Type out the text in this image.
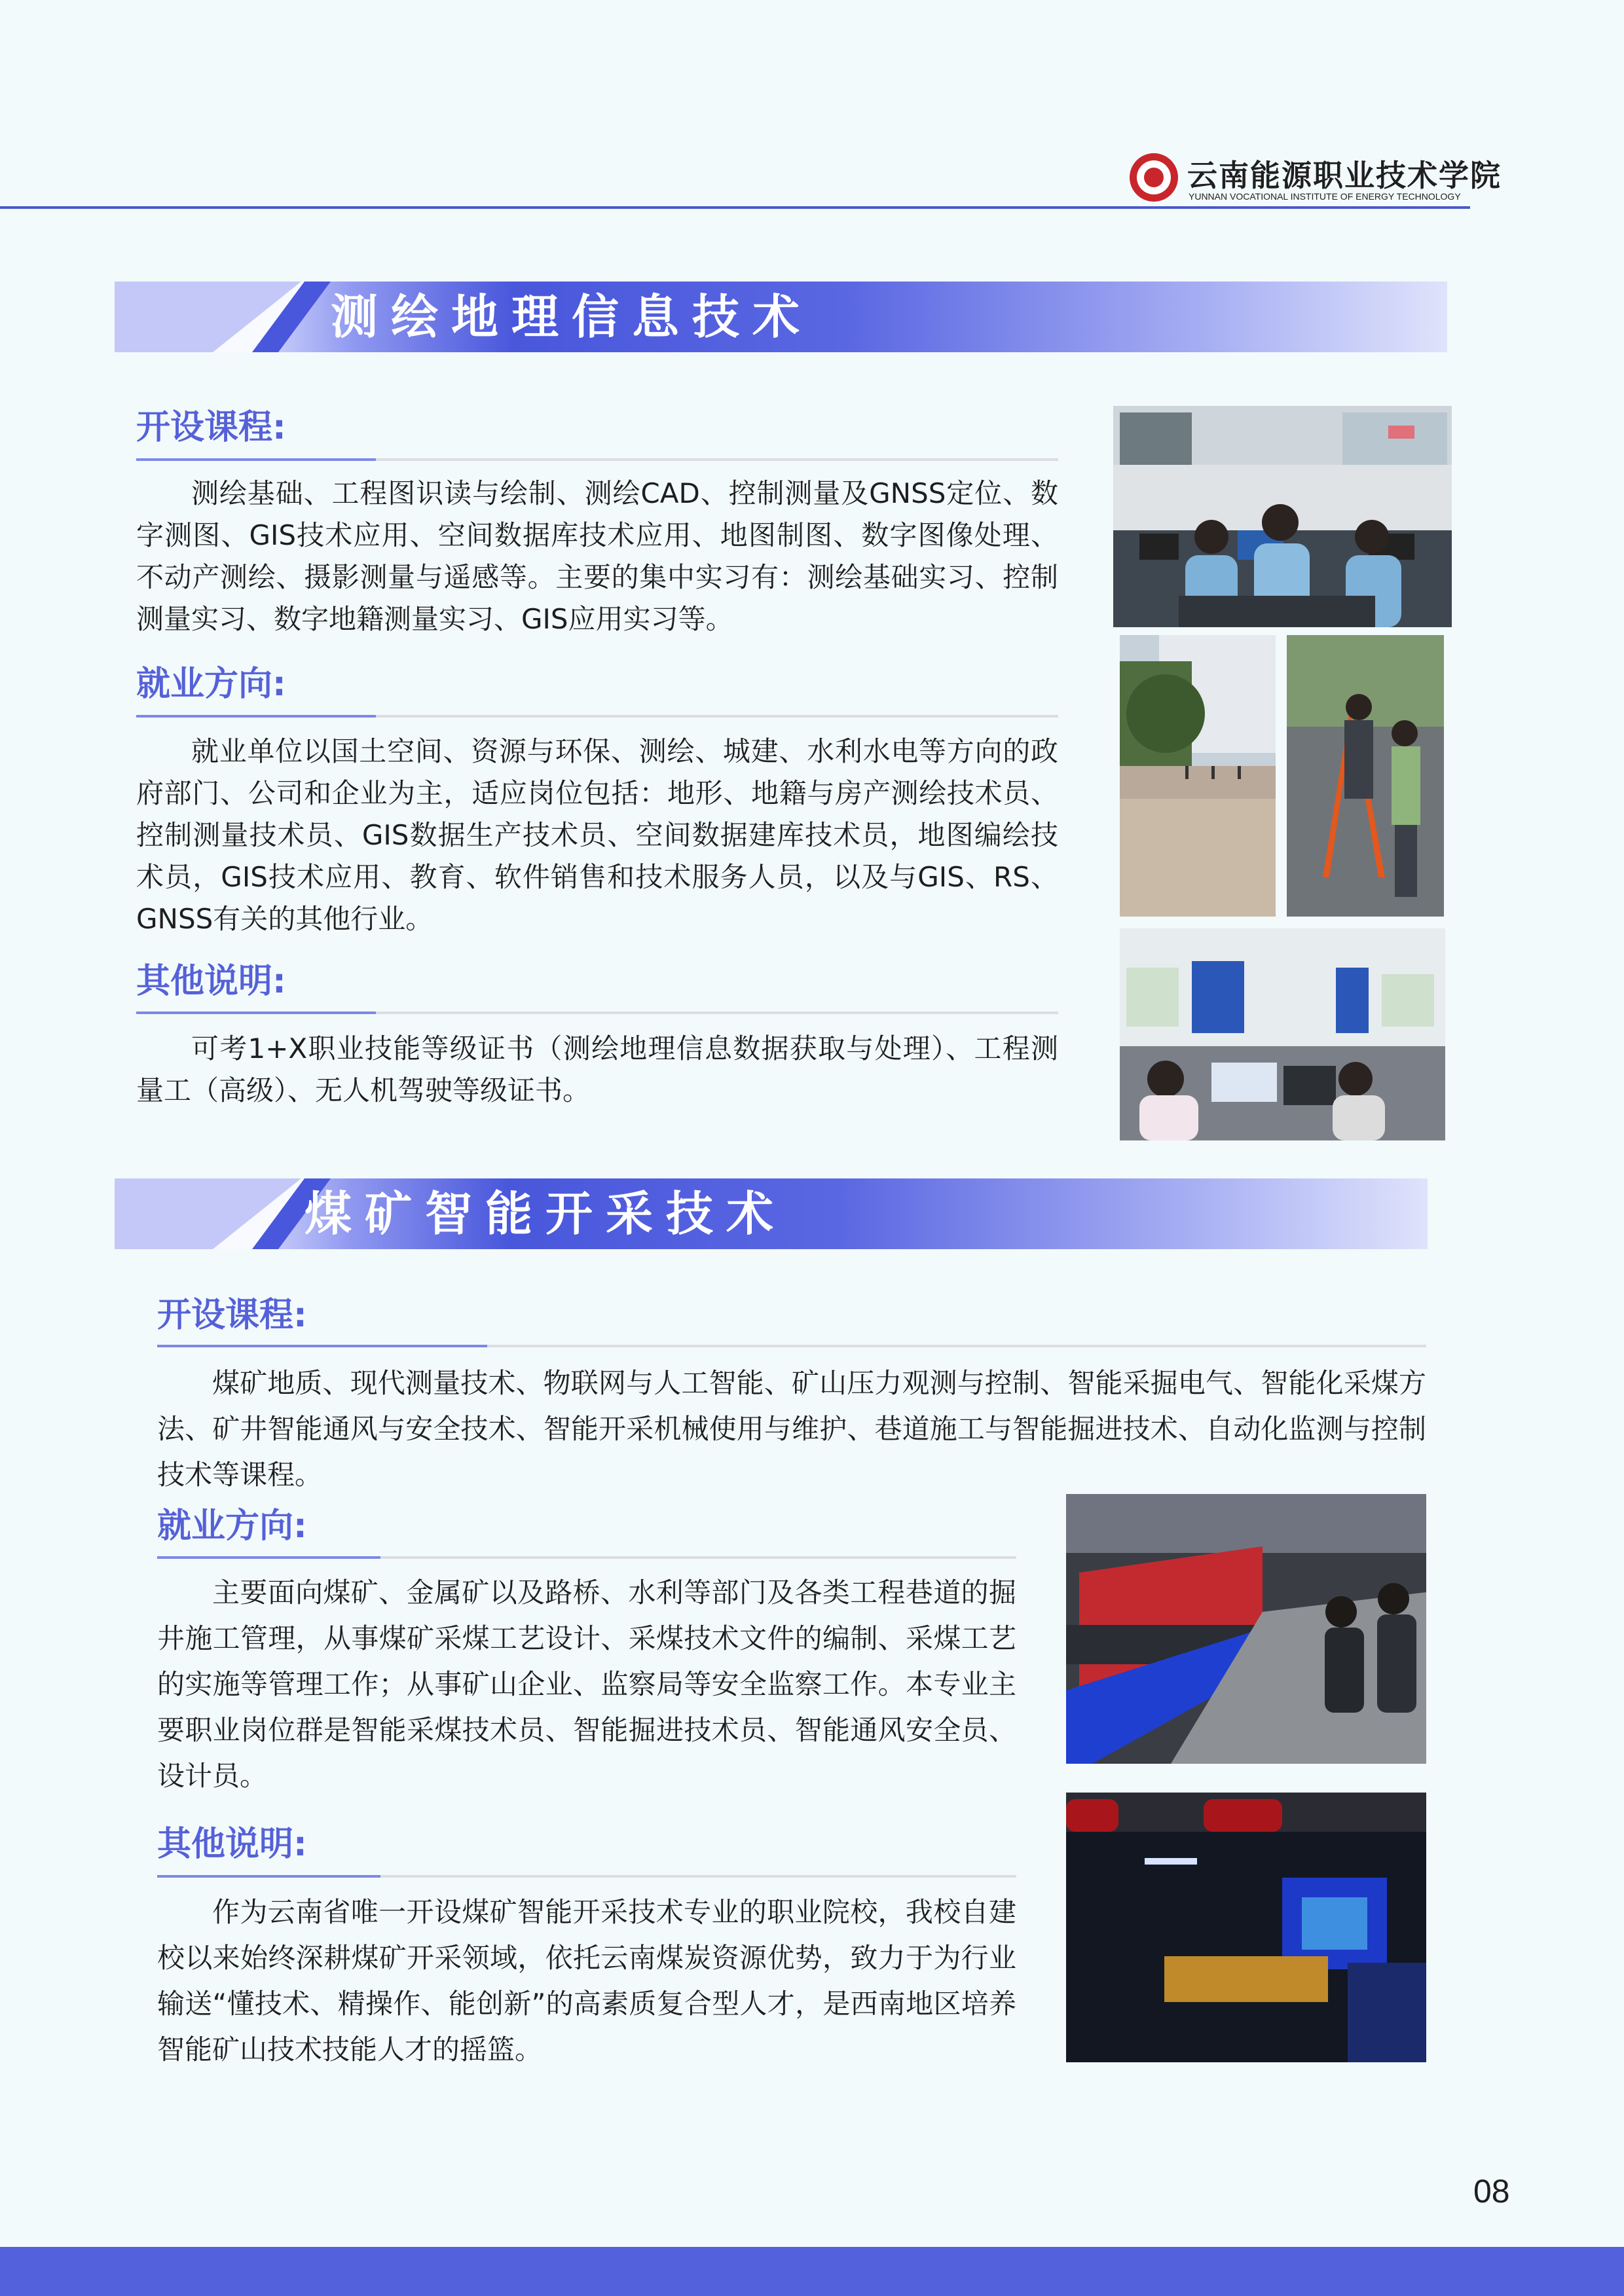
云南能源职业技术学院
YUNNAN VOCATIONAL INSTITUTE OF ENERGY TECHNOLOGY
测绘地理信息技术
开设课程:

测绘基础、工程图识读与绘制、测绘CAD、控制测量及GNSS定位、数字测图、GIS技术应用、空间数据库技术应用、地图制图、数字图像处理、不动产测绘、摄影测量与遥感等。主要的集中实习有：测绘基础实习、控制测量实习、数字地籍测量实习、GIS应用实习等。

就业方向:

就业单位以国土空间、资源与环保、测绘、城建、水利水电等方向的政府部门、公司和企业为主，适应岗位包括：地形、地籍与房产测绘技术员、控制测量技术员、GIS数据生产技术员、空间数据建库技术员，地图编绘技术员，GIS技术应用、教育、软件销售和技术服务人员，以及与GIS、RS、GNSS有关的其他行业。

其他说明:

可考1+X职业技能等级证书（测绘地理信息数据获取与处理）、工程测量工（高级）、无人机驾驶等级证书。

煤矿智能开采技术
开设课程:

煤矿地质、现代测量技术、物联网与人工智能、矿山压力观测与控制、智能采掘电气、智能化采煤方法、矿井智能通风与安全技术、智能开采机械使用与维护、巷道施工与智能掘进技术、自动化监测与控制技术等课程。

就业方向:

主要面向煤矿、金属矿以及路桥、水利等部门及各类工程巷道的掘井施工管理，从事煤矿采煤工艺设计、采煤技术文件的编制、采煤工艺的实施等管理工作；从事矿山企业、监察局等安全监察工作。本专业主要职业岗位群是智能采煤技术员、智能掘进技术员、智能通风安全员、设计员。

其他说明:

作为云南省唯一开设煤矿智能开采技术专业的职业院校，我校自建校以来始终深耕煤矿开采领域，依托云南煤炭资源优势，致力于为行业输送“懂技术、精操作、能创新”的高素质复合型人才，是西南地区培养智能矿山技术技能人才的摇篮。

08
